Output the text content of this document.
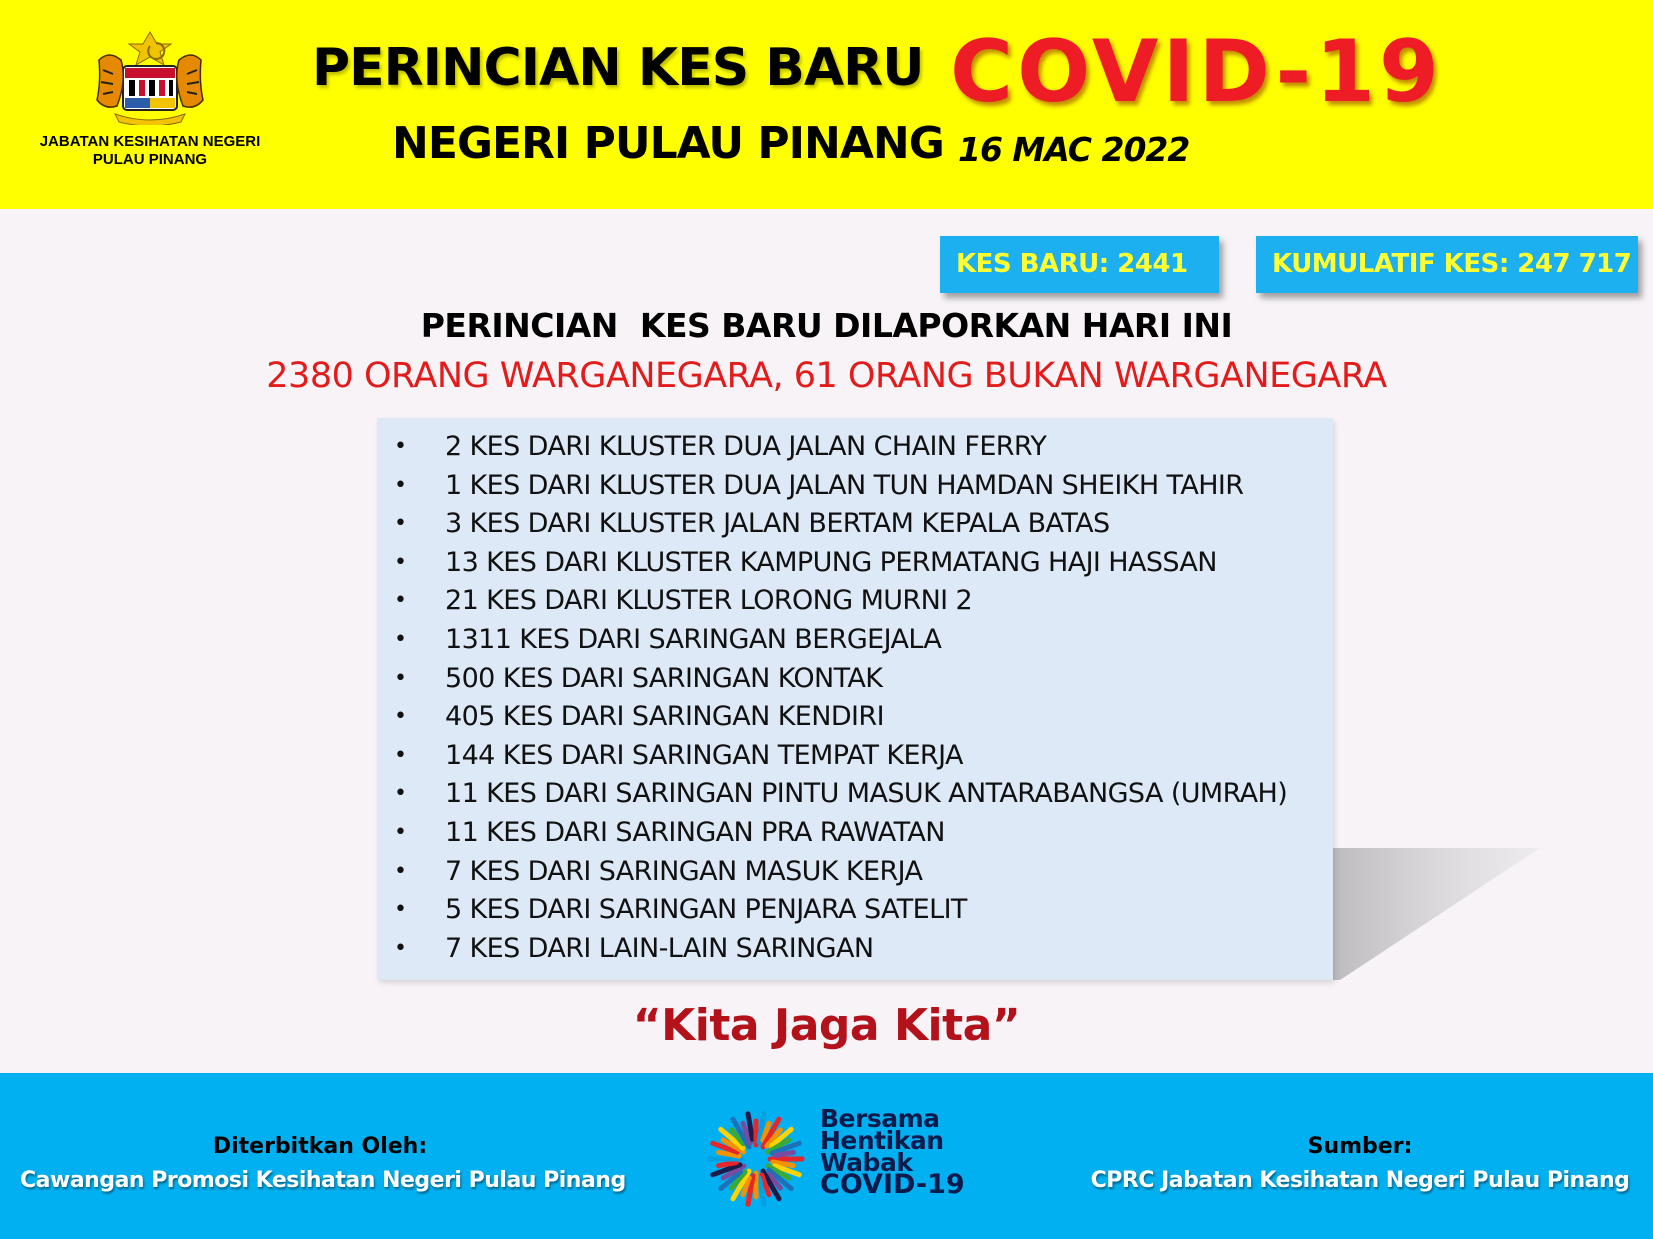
JABATAN KESIHATAN NEGERI
PULAU PINANG
PERINCIAN KES BARU COVID-19
NEGERI PULAU PINANG 16 MAC 2022
KES BARU: 2441	KUMULATIF KES: 247 717
PERINCIAN  KES BARU DILAPORKAN HARI INI
2380 ORANG WARGANEGARA, 61 ORANG BUKAN WARGANEGARA
• 2 KES DARI KLUSTER DUA JALAN CHAIN FERRY
• 1 KES DARI KLUSTER DUA JALAN TUN HAMDAN SHEIKH TAHIR
• 3 KES DARI KLUSTER JALAN BERTAM KEPALA BATAS
• 13 KES DARI KLUSTER KAMPUNG PERMATANG HAJI HASSAN
• 21 KES DARI KLUSTER LORONG MURNI 2
• 1311 KES DARI SARINGAN BERGEJALA
• 500 KES DARI SARINGAN KONTAK
• 405 KES DARI SARINGAN KENDIRI
• 144 KES DARI SARINGAN TEMPAT KERJA
• 11 KES DARI SARINGAN PINTU MASUK ANTARABANGSA (UMRAH)
• 11 KES DARI SARINGAN PRA RAWATAN
• 7 KES DARI SARINGAN MASUK KERJA
• 5 KES DARI SARINGAN PENJARA SATELIT
• 7 KES DARI LAIN-LAIN SARINGAN
“Kita Jaga Kita”
Diterbitkan Oleh:
Cawangan Promosi Kesihatan Negeri Pulau Pinang
Bersama
Hentikan
Wabak
COVID-19
Sumber:
CPRC Jabatan Kesihatan Negeri Pulau Pinang
